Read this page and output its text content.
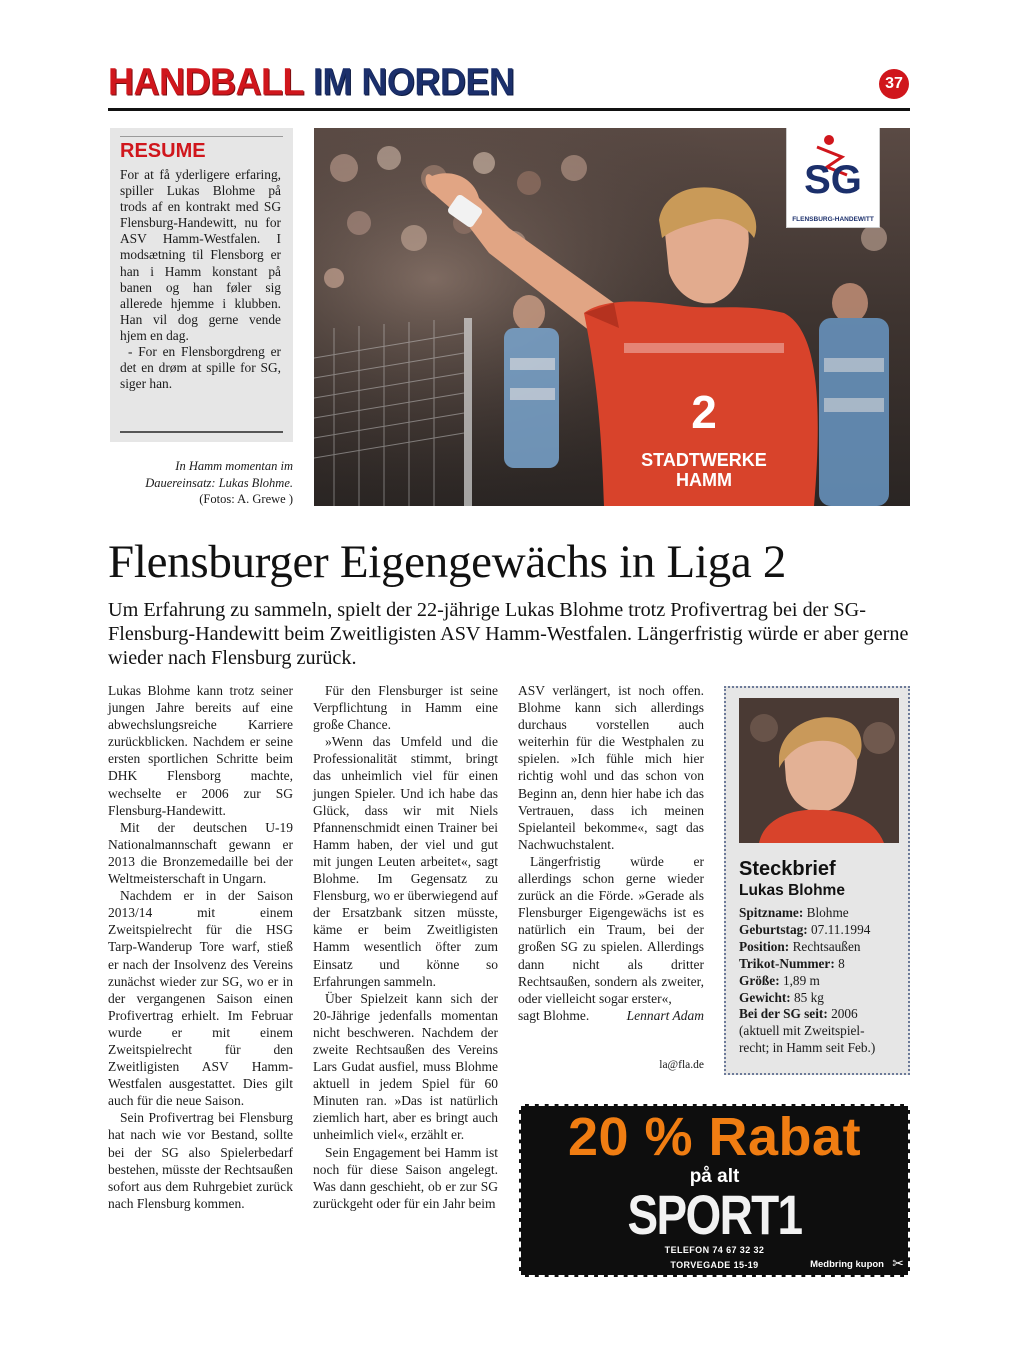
HANDBALL IM NORDEN	37
RESUME

For at få yderligere erfaring, spiller Lukas Blohme på trods af en kontrakt med SG Flensburg-Handewitt, nu for ASV Hamm-Westfalen. I modsætning til Flensborg er han i Hamm konstant på banen og han føler sig allerede hjemme i klubben. Han vil dog gerne vende hjem en dag.

- For en Flensborgdreng er det en drøm at spille for SG, siger han.

In Hamm momentan im
Dauereinsatz: Lukas Blohme.
(Fotos: A. Grewe )
2
STADTWERKE
HAMM
SG
FLENSBURG-HANDEWITT
Flensburger Eigengewächs in Liga 2
Um Erfahrung zu sammeln, spielt der 22-jährige Lukas Blohme trotz Profivertrag bei der SG-Flensburg-Handewitt beim Zweitligisten ASV Hamm-Westfalen. Längerfristig würde er aber gerne wieder nach Flensburg zurück.

Lukas Blohme kann trotz seiner jungen Jahre bereits auf eine abwechslungsreiche Karriere zurückblicken. Nachdem er seine ersten sportlichen Schritte beim DHK Flensborg machte, wechselte er 2006 zur SG Flensburg-Handewitt.

Mit der deutschen U-19 Nationalmannschaft gewann er 2013 die Bronzemedaille bei der Weltmeisterschaft in Ungarn.

Nachdem er in der Saison 2013/14 mit einem Zweitspielrecht für die HSG Tarp-Wanderup Tore warf, stieß er nach der Insolvenz des Vereins zunächst wieder zur SG, wo er in der vergangenen Saison einen Profivertrag erhielt. Im Februar wurde er mit einem Zweitspielrecht für den Zweitligisten ASV Hamm-Westfalen ausgestattet. Dies gilt auch für die neue Saison.

Sein Profivertrag bei Flensburg hat nach wie vor Bestand, sollte bei der SG also Spielerbedarf bestehen, müsste der Rechtsaußen sofort aus dem Ruhrgebiet zurück nach Flensburg kommen.

Für den Flensburger ist seine Verpflichtung in Hamm eine große Chance.

»Wenn das Umfeld und die Professionalität stimmt, bringt das unheimlich viel für einen jungen Spieler. Und ich habe das Glück, dass wir mit Niels Pfannenschmidt einen Trainer bei Hamm haben, der viel und gut mit jungen Leuten arbeitet«, sagt Blohme. Im Gegensatz zu Flensburg, wo er überwiegend auf der Ersatzbank sitzen müsste, käme er beim Zweitligisten Hamm wesentlich öfter zum Einsatz und könne so Erfahrungen sammeln.

Über Spielzeit kann sich der 20-Jährige jedenfalls momentan nicht beschweren. Nachdem der zweite Rechtsaußen des Vereins Lars Gudat ausfiel, muss Blohme aktuell in jedem Spiel für 60 Minuten ran. »Das ist natürlich ziemlich hart, aber es bringt auch unheimlich viel«, erzählt er.

Sein Engagement bei Hamm ist noch für diese Saison angelegt. Was dann geschieht, ob er zur SG zurückgeht oder für ein Jahr beim

ASV verlängert, ist noch offen. Blohme kann sich allerdings durchaus vorstellen auch weiterhin für die Westphalen zu spielen. »Ich fühle mich hier richtig wohl und das schon von Beginn an, denn hier habe ich das Vertrauen, dass ich meinen Spielanteil bekomme«, sagt das Nachwuchstalent.

Längerfristig würde er allerdings schon gerne wieder zurück an die Förde. »Gerade als Flensburger Eigengewächs ist es natürlich ein Traum, bei der großen SG zu spielen. Allerdings dann nicht als dritter Rechtsaußen, sondern als zweiter, oder vielleicht sogar erster«,

sagt Blohme.	Lennart Adam
la@fla.de
Steckbrief
Lukas Blohme
Spitzname: Blohme
Geburtstag: 07.11.1994
Position: Rechtsaußen
Trikot-Nummer: 8
Größe: 1,89 m
Gewicht: 85 kg
Bei der SG seit: 2006
(aktuell mit Zweitspiel-
recht; in Hamm seit Feb.)
20 % Rabat
på alt
SPORT1
TELEFON 74 67 32 32
TORVEGADE 15-19	Medbring kupon ✂
